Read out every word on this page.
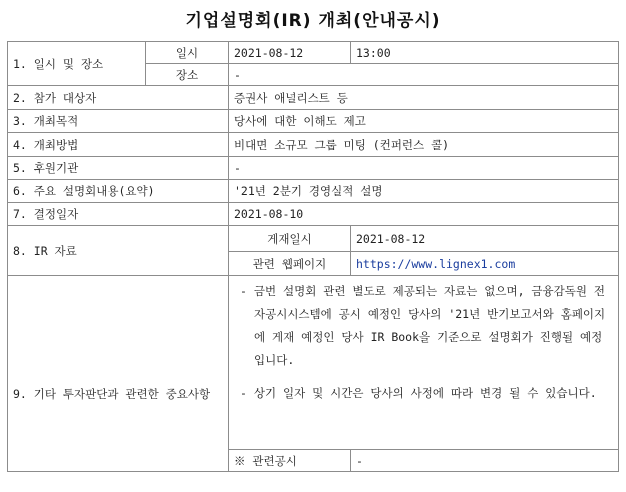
기업설명회(IR) 개최(안내공시)
1. 일시 및 장소	일시	2021-08-12	13:00
	장소	-	
2. 참가 대상자		증권사 애널리스트 등	
3. 개최목적		당사에 대한 이해도 제고	
4. 개최방법		비대면 소규모 그룹 미팅 (컨퍼런스 콜)	
5. 후원기관		-	
6. 주요 설명회내용(요약)		'21년 2분기 경영실적 설명	
7. 결정일자		2021-08-10	
8. IR 자료		게재일시	2021-08-12
		관련 웹페이지	https://www.lignex1.com

9. 기타 투자판단과 관련한 중요사항		- 금번 설명회 관련 별도로 제공되는 자료는 없으며, 금융감독원 전자공시시스템에 공시 예정인 당사의 '21년 반기보고서와 홈페이지에 게재 예정인 당사 IR Book을 기준으로 설명회가 진행될 예정입니다.
- 상기 일자 및 시간은 당사의 사정에 따라 변경 될 수 있습니다.	

		※ 관련공시	-
